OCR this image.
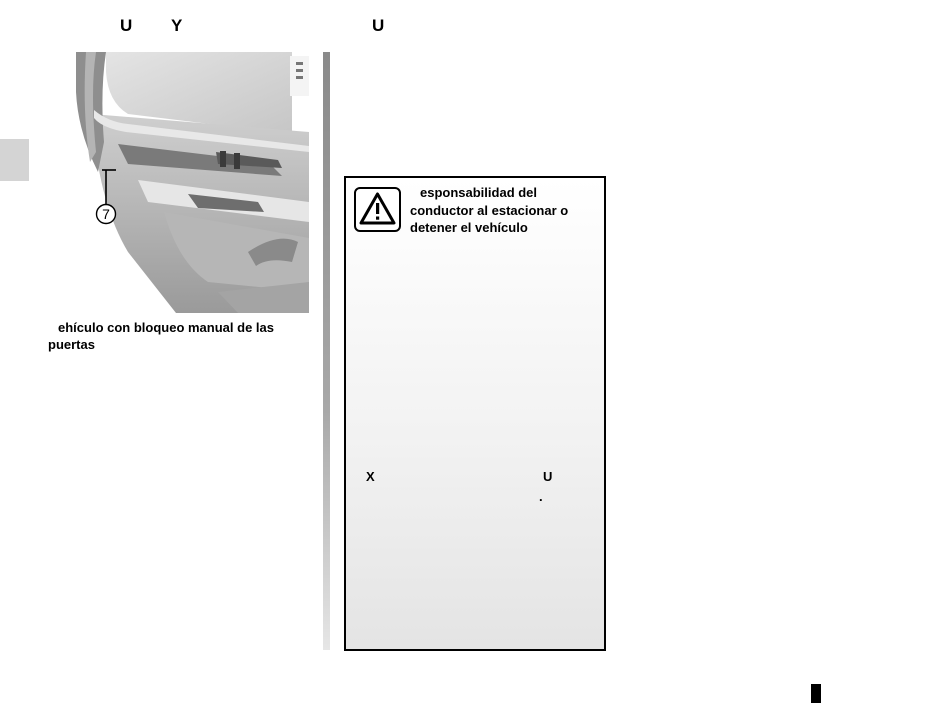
U Y	U
7
ehículo con bloqueo manual de las
puertas
esponsabilidad del
conductor al estacionar o
detener el vehículo
X	U
.
